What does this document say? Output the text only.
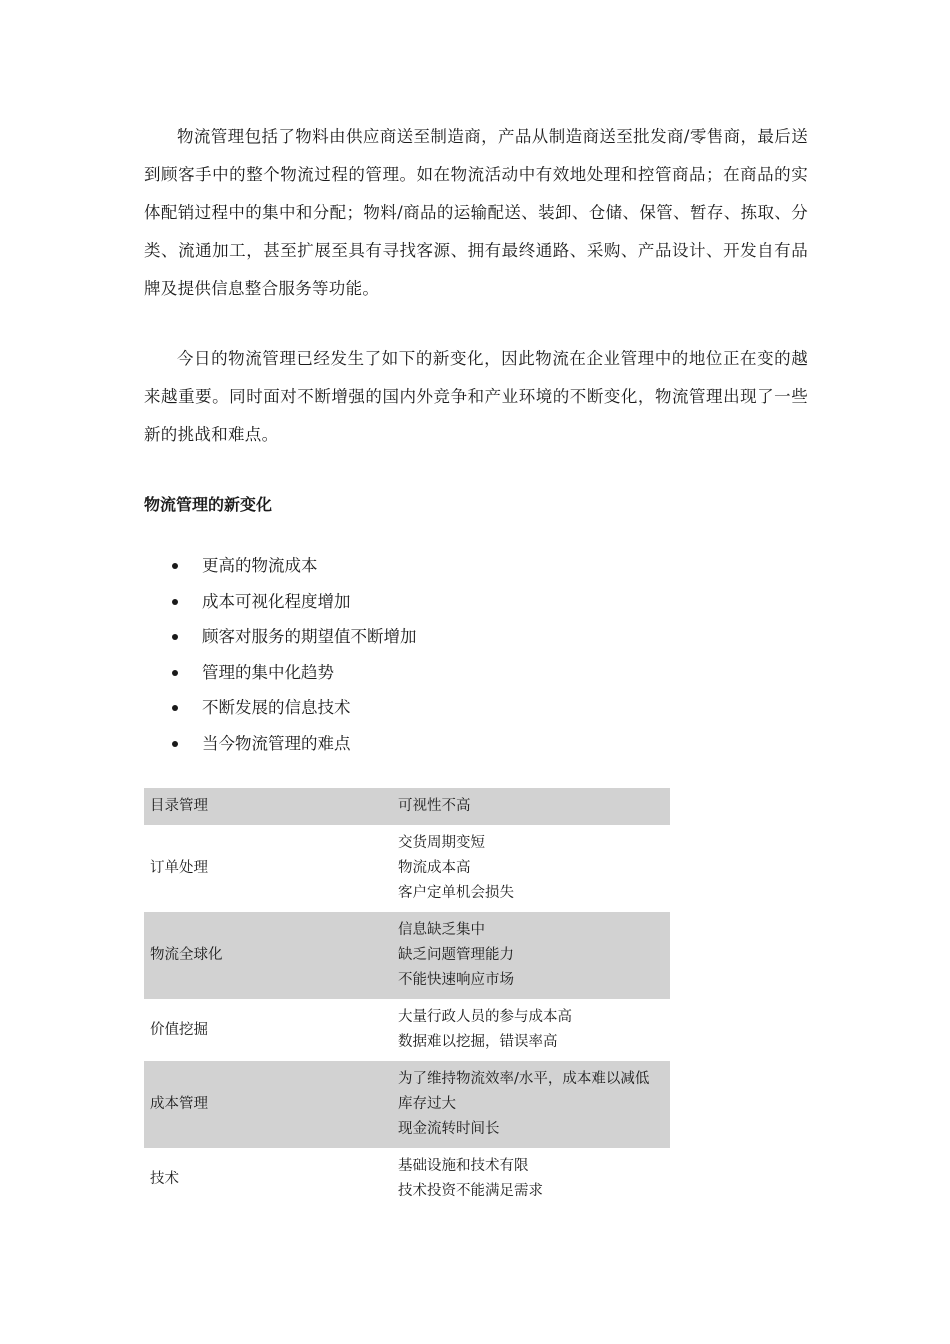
物流管理包括了物料由供应商送至制造商，产品从制造商送至批发商/零售商，最后送到顾客手中的整个物流过程的管理。如在物流活动中有效地处理和控管商品；在商品的实体配销过程中的集中和分配；物料/商品的运输配送、装卸、仓储、保管、暂存、拣取、分类、流通加工，甚至扩展至具有寻找客源、拥有最终通路、采购、产品设计、开发自有品牌及提供信息整合服务等功能。

今日的物流管理已经发生了如下的新变化，因此物流在企业管理中的地位正在变的越来越重要。同时面对不断增强的国内外竞争和产业环境的不断变化，物流管理出现了一些新的挑战和难点。

物流管理的新变化
更高的物流成本
成本可视化程度增加
顾客对服务的期望值不断增加
管理的集中化趋势
不断发展的信息技术
当今物流管理的难点
目录管理	可视性不高

订单处理	交货周期变短
物流成本高
客户定单机会损失

物流全球化	信息缺乏集中
缺乏问题管理能力
不能快速响应市场

价值挖掘	大量行政人员的参与成本高
数据难以挖掘，错误率高

成本管理	为了维持物流效率/水平，成本难以减低
库存过大
现金流转时间长

技术	基础设施和技术有限
技术投资不能满足需求
